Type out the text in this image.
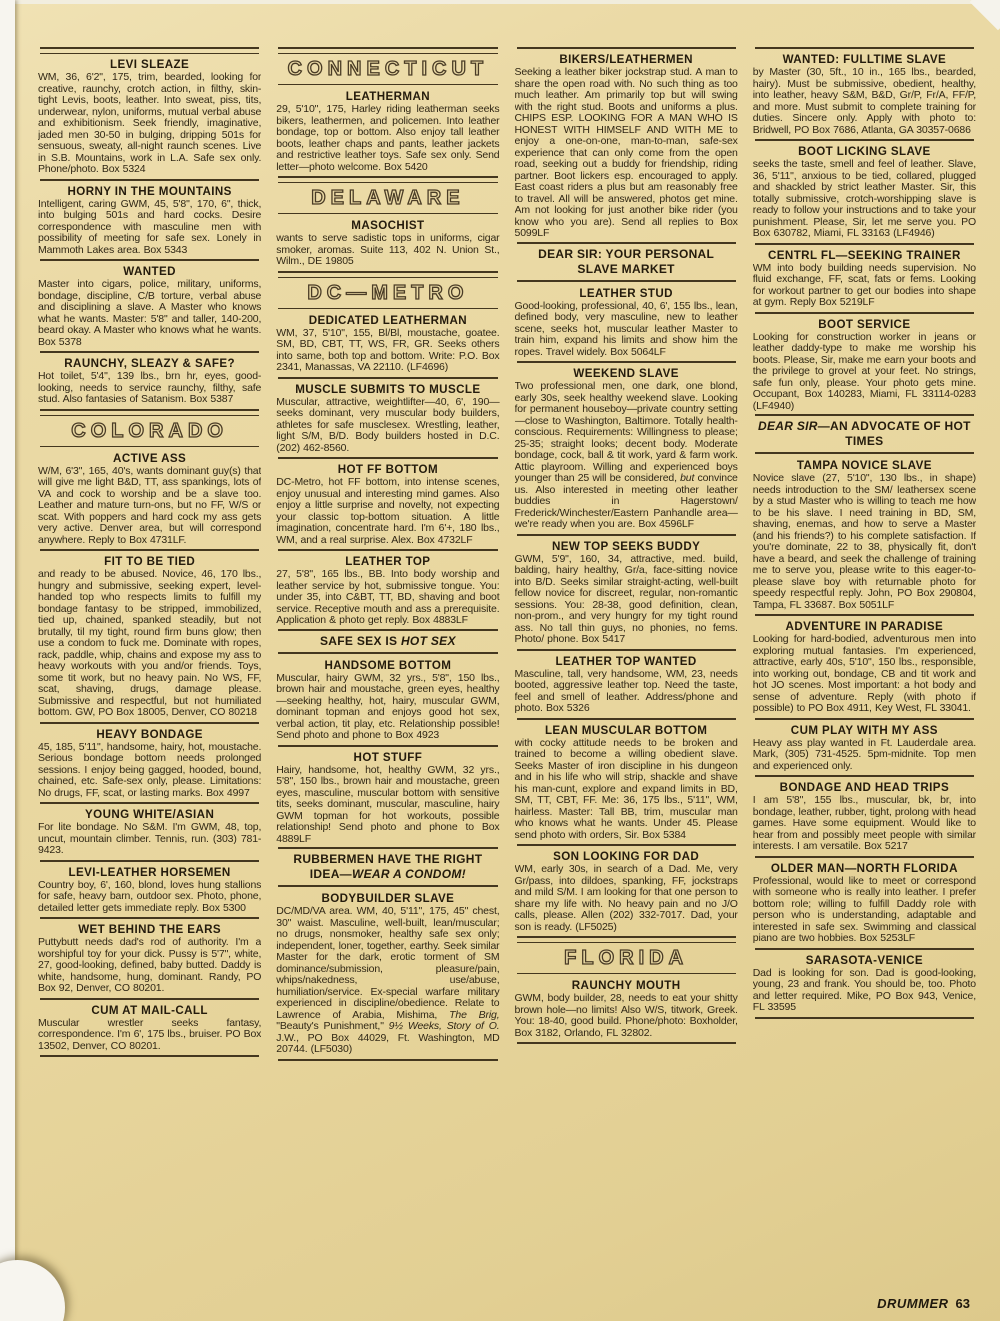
LEVI SLEAZE
WM, 36, 6'2", 175, trim, bearded, looking for creative, raunchy, crotch action, in filthy, skin-tight Levis, boots, leather. Into sweat, piss, tits, underwear, nylon, uniforms, mutual verbal abuse and exhibitionism. Seek friendly, imaginative, jaded men 30-50 in bulging, dripping 501s for sensuous, sweaty, all-night raunch scenes. Live in S.B. Mountains, work in L.A. Safe sex only. Phone/photo. Box 5324
HORNY IN THE MOUNTAINS
Intelligent, caring GWM, 45, 5'8", 170, 6", thick, into bulging 501s and hard cocks. Desire correspondence with masculine men with possibility of meeting for safe sex. Lonely in Mammoth Lakes area. Box 5343
WANTED
Master into cigars, police, military, uniforms, bondage, discipline, C/B torture, verbal abuse and disciplining a slave. A Master who knows what he wants. Master: 5'8" and taller, 140-200, beard okay. A Master who knows what he wants. Box 5378
RAUNCHY, SLEAZY & SAFE?
Hot toilet, 5'4", 139 lbs., brn hr, eyes, good-looking, needs to service raunchy, filthy, safe stud. Also fantasies of Satanism. Box 5387
COLORADO
ACTIVE ASS
W/M, 6'3", 165, 40's, wants dominant guy(s) that will give me light B&D, TT, ass spankings, lots of VA and cock to worship and be a slave too. Leather and mature turn-ons, but no FF, W/S or scat. With poppers and hard cock my ass gets very active. Denver area, but will correspond anywhere. Reply to Box 4731LF.
FIT TO BE TIED
and ready to be abused. Novice, 46, 170 lbs., hungry and submissive, seeking expert, level-handed top who respects limits to fulfill my bondage fantasy to be stripped, immobilized, tied up, chained, spanked steadily, but not brutally, til my tight, round firm buns glow; then use a condom to fuck me. Dominate with ropes, rack, paddle, whip, chains and expose my ass to heavy workouts with you and/or friends. Toys, some tit work, but no heavy pain. No WS, FF, scat, shaving, drugs, damage please. Submissive and respectful, but not humiliated bottom. GW, PO Box 18005, Denver, CO 80218
HEAVY BONDAGE
45, 185, 5'11", handsome, hairy, hot, moustache. Serious bondage bottom needs prolonged sessions. I enjoy being gagged, hooded, bound, chained, etc. Safe-sex only, please. Limitations: No drugs, FF, scat, or lasting marks. Box 4997
YOUNG WHITE/ASIAN
For lite bondage. No S&M. I'm GWM, 48, top, uncut, mountain climber. Tennis, run. (303) 781-9423.
LEVI-LEATHER HORSEMEN
Country boy, 6', 160, blond, loves hung stallions for safe, heavy barn, outdoor sex. Photo, phone, detailed letter gets immediate reply. Box 5300
WET BEHIND THE EARS
Puttybutt needs dad's rod of authority. I'm a worshipful toy for your dick. Pussy is 5'7", white, 27, good-looking, defined, baby butted. Daddy is white, handsome, hung, dominant. Randy, PO Box 92, Denver, CO 80201.
CUM AT MAIL-CALL
Muscular wrestler seeks fantasy, correspondence. I'm 6', 175 lbs., bruiser. PO Box 13502, Denver, CO 80201.
CONNECTICUT
LEATHERMAN
29, 5'10", 175, Harley riding leatherman seeks bikers, leathermen, and policemen. Into leather bondage, top or bottom. Also enjoy tall leather boots, leather chaps and pants, leather jackets and restrictive leather toys. Safe sex only. Send letter—photo welcome. Box 5420
DELAWARE
MASOCHIST
wants to serve sadistic tops in uniforms, cigar smoker, aromas. Suite 113, 402 N. Union St., Wilm., DE 19805
DC—METRO
DEDICATED LEATHERMAN
WM, 37, 5'10", 155, Bl/Bl, moustache, goatee. SM, BD, CBT, TT, WS, FR, GR. Seeks others into same, both top and bottom. Write: P.O. Box 2341, Manassas, VA 22110. (LF4696)
MUSCLE SUBMITS TO MUSCLE
Muscular, attractive, weightlifter—40, 6', 190—seeks dominant, very muscular body builders, athletes for safe musclesex. Wrestling, leather, light S/M, B/D. Body builders hosted in D.C. (202) 462-8560.
HOT FF BOTTOM
DC-Metro, hot FF bottom, into intense scenes, enjoy unusual and interesting mind games. Also enjoy a little surprise and novelty, not expecting your classic top-bottom situation. A little imagination, concentrate hard. I'm 6'+, 180 lbs., WM, and a real surprise. Alex. Box 4732LF
LEATHER TOP
27, 5'8", 165 lbs., BB. Into body worship and leather service by hot, submissive tongue. You: under 35, into C&BT, TT, BD, shaving and boot service. Receptive mouth and ass a prerequisite. Application & photo get reply. Box 4883LF
SAFE SEX IS HOT SEX
HANDSOME BOTTOM
Muscular, hairy GWM, 32 yrs., 5'8", 150 lbs., brown hair and moustache, green eyes, healthy—seeking healthy, hot, hairy, muscular GWM, dominant topman and enjoys good hot sex, verbal action, tit play, etc. Relationship possible! Send photo and phone to Box 4923
HOT STUFF
Hairy, handsome, hot, healthy GWM, 32 yrs., 5'8", 150 lbs., brown hair and moustache, green eyes, masculine, muscular bottom with sensitive tits, seeks dominant, muscular, masculine, hairy GWM topman for hot workouts, possible relationship! Send photo and phone to Box 4889LF
RUBBERMEN HAVE THE RIGHT IDEA—WEAR A CONDOM!
BODYBUILDER SLAVE
DC/MD/VA area. WM, 40, 5'11", 175, 45" chest, 30" waist. Masculine, well-built, lean/muscular; no drugs, nonsmoker, healthy safe sex only; independent, loner, together, earthy. Seek similar Master for the dark, erotic torment of SM dominance/submission, pleasure/pain, whips/nakedness, use/abuse, humiliation/service. Ex-special warfare military experienced in discipline/obedience. Relate to Lawrence of Arabia, Mishima, The Brig, "Beauty's Punishment," 9½ Weeks, Story of O. J.W., PO Box 44029, Ft. Washington, MD 20744. (LF5030)
BIKERS/LEATHERMEN
Seeking a leather biker jockstrap stud. A man to share the open road with. No such thing as too much leather. Am primarily top but will swing with the right stud. Boots and uniforms a plus. CHIPS ESP. LOOKING FOR A MAN WHO IS HONEST WITH HIMSELF AND WITH ME to enjoy a one-on-one, man-to-man, safe-sex experience that can only come from the open road, seeking out a buddy for friendship, riding partner. Boot lickers esp. encouraged to apply. East coast riders a plus but am reasonably free to travel. All will be answered, photos get mine. Am not looking for just another bike rider (you know who you are). Send all replies to Box 5099LF
DEAR SIR: YOUR PERSONAL SLAVE MARKET
LEATHER STUD
Good-looking, professional, 40, 6', 155 lbs., lean, defined body, very masculine, new to leather scene, seeks hot, muscular leather Master to train him, expand his limits and show him the ropes. Travel widely. Box 5064LF
WEEKEND SLAVE
Two professional men, one dark, one blond, early 30s, seek healthy weekend slave. Looking for permanent houseboy—private country setting—close to Washington, Baltimore. Totally health-conscious. Requirements: Willingness to please; 25-35; straight looks; decent body. Moderate bondage, cock, ball & tit work, yard & farm work. Attic playroom. Willing and experienced boys younger than 25 will be considered, but convince us. Also interested in meeting other leather buddies in Hagerstown/ Frederick/Winchester/Eastern Panhandle area—we're ready when you are. Box 4596LF
NEW TOP SEEKS BUDDY
GWM, 5'9", 160, 34, attractive, med. build, balding, hairy healthy, Gr/a, face-sitting novice into B/D. Seeks similar straight-acting, well-built fellow novice for discreet, regular, non-romantic sessions. You: 28-38, good definition, clean, non-prom., and very hungry for my tight round ass. No tall thin guys, no phonies, no fems. Photo/ phone. Box 5417
LEATHER TOP WANTED
Masculine, tall, very handsome, WM, 23, needs booted, aggressive leather top. Need the taste, feel and smell of leather. Address/phone and photo. Box 5326
LEAN MUSCULAR BOTTOM
with cocky attitude needs to be broken and trained to become a willing obedient slave. Seeks Master of iron discipline in his dungeon and in his life who will strip, shackle and shave his man-cunt, explore and expand limits in BD, SM, TT, CBT, FF. Me: 36, 175 lbs., 5'11", WM, hairless. Master: Tall BB, trim, muscular man who knows what he wants. Under 45. Please send photo with orders, Sir. Box 5384
SON LOOKING FOR DAD
WM, early 30s, in search of a Dad. Me, very Gr/pass, into dildoes, spanking, FF, jockstraps and mild S/M. I am looking for that one person to share my life with. No heavy pain and no J/O calls, please. Allen (202) 332-7017. Dad, your son is ready. (LF5025)
FLORIDA
RAUNCHY MOUTH
GWM, body builder, 28, needs to eat your shitty brown hole—no limits! Also W/S, titwork, Greek. You: 18-40, good build. Phone/photo: Boxholder, Box 3182, Orlando, FL 32802.
WANTED: FULLTIME SLAVE
by Master (30, 5ft., 10 in., 165 lbs., bearded, hairy). Must be submissive, obedient, healthy, into leather, heavy S&M, B&D, Gr/P, Fr/A, FF/P, and more. Must submit to complete training for duties. Sincere only. Apply with photo to: Bridwell, PO Box 7686, Atlanta, GA 30357-0686
BOOT LICKING SLAVE
seeks the taste, smell and feel of leather. Slave, 36, 5'11", anxious to be tied, collared, plugged and shackled by strict leather Master. Sir, this totally submissive, crotch-worshipping slave is ready to follow your instructions and to take your punishment. Please, Sir, let me serve you. PO Box 630782, Miami, FL 33163 (LF4946)
CENTRL FL—SEEKING TRAINER
WM into body building needs supervision. No fluid exchange, FF, scat, fats or fems. Looking for workout partner to get our bodies into shape at gym. Reply Box 5219LF
BOOT SERVICE
Looking for construction worker in jeans or leather daddy-type to make me worship his boots. Please, Sir, make me earn your boots and the privilege to grovel at your feet. No strings, safe fun only, please. Your photo gets mine. Occupant, Box 140283, Miami, FL 33114-0283 (LF4940)
DEAR SIR—AN ADVOCATE OF HOT TIMES
TAMPA NOVICE SLAVE
Novice slave (27, 5'10", 130 lbs., in shape) needs introduction to the SM/ leathersex scene by a stud Master who is willing to teach me how to be his slave. I need training in BD, SM, shaving, enemas, and how to serve a Master (and his friends?) to his complete satisfaction. If you're dominate, 22 to 38, physically fit, don't have a beard, and seek the challenge of training me to serve you, please write to this eager-to-please slave boy with returnable photo for speedy respectful reply. John, PO Box 290804, Tampa, FL 33687. Box 5051LF
ADVENTURE IN PARADISE
Looking for hard-bodied, adventurous men into exploring mutual fantasies. I'm experienced, attractive, early 40s, 5'10", 150 lbs., responsible, into working out, bondage, CB and tit work and hot JO scenes. Most important: a hot body and sense of adventure. Reply (with photo if possible) to PO Box 4911, Key West, FL 33041.
CUM PLAY WITH MY ASS
Heavy ass play wanted in Ft. Lauderdale area. Mark, (305) 731-4525. 5pm-midnite. Top men and experienced only.
BONDAGE AND HEAD TRIPS
I am 5'8", 155 lbs., muscular, bk, br, into bondage, leather, rubber, tight, prolong with head games. Have some equipment. Would like to hear from and possibly meet people with similar interests. I am versatile. Box 5217
OLDER MAN—NORTH FLORIDA
Professional, would like to meet or correspond with someone who is really into leather. I prefer bottom role; willing to fulfill Daddy role with person who is understanding, adaptable and interested in safe sex. Swimming and classical piano are two hobbies. Box 5253LF
SARASOTA-VENICE
Dad is looking for son. Dad is good-looking, young, 23 and frank. You should be, too. Photo and letter required. Mike, PO Box 943, Venice, FL 33595
DRUMMER 63
